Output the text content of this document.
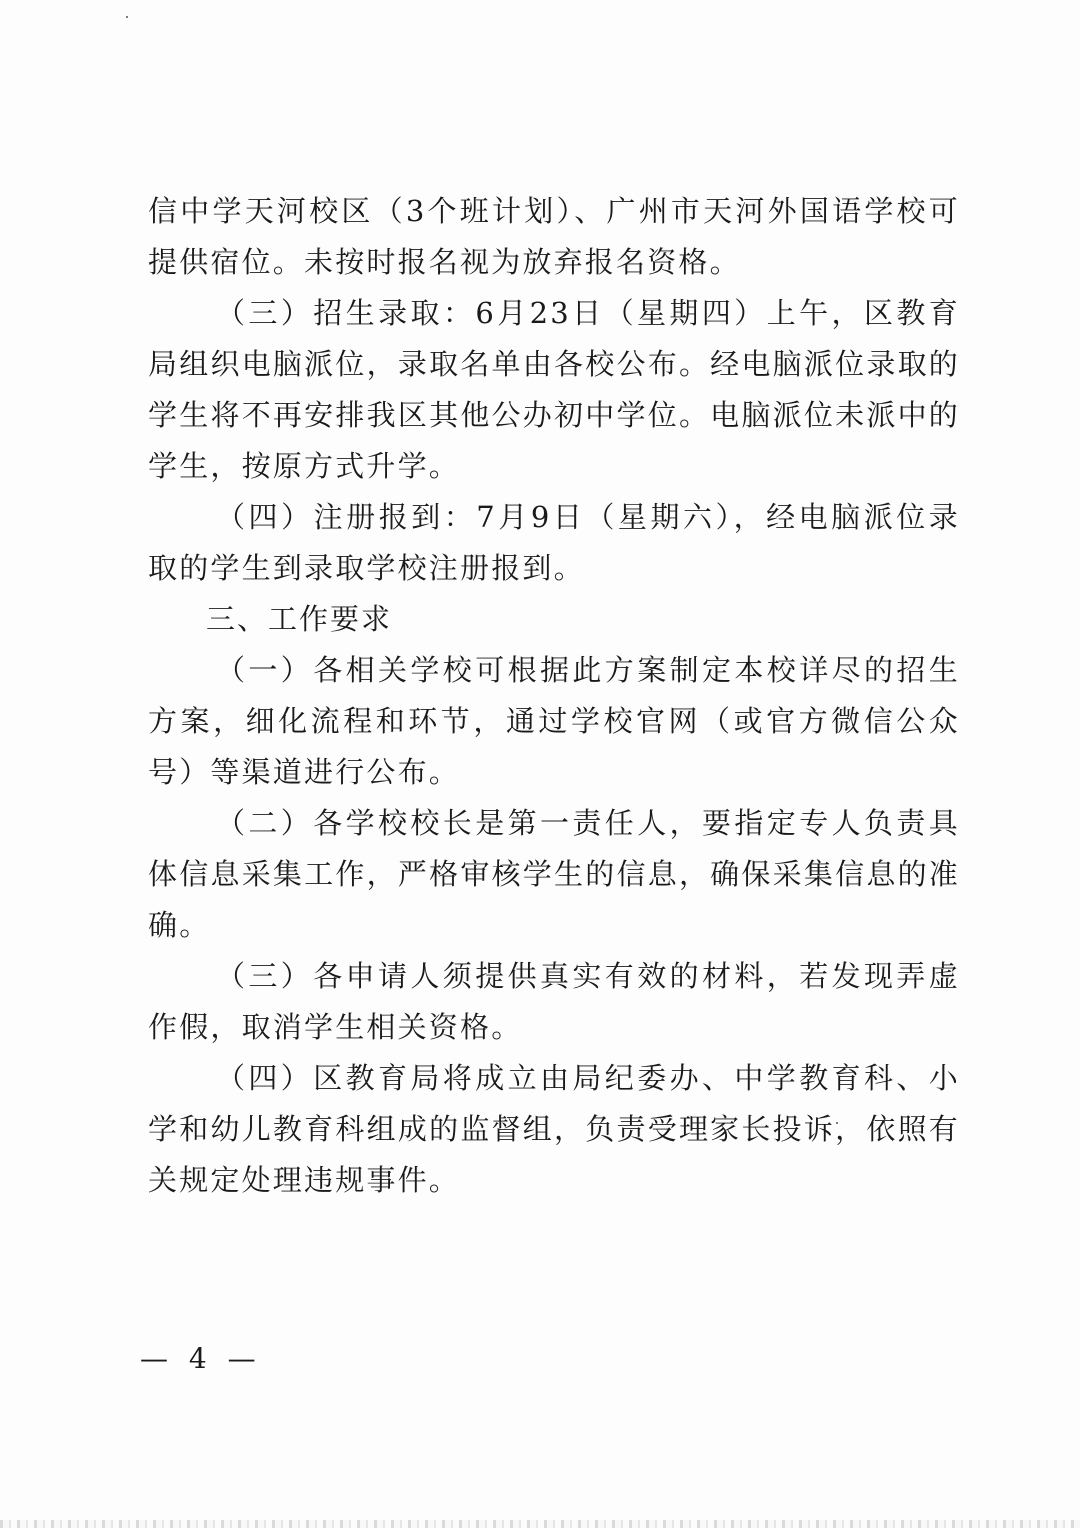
信中学天河校区（3个班计划）、广州市天河外国语学校可提供宿位。未按时报名视为放弃报名资格。

（三）招生录取：6月23日（星期四）上午，区教育局组织电脑派位，录取名单由各校公布。经电脑派位录取的学生将不再安排我区其他公办初中学位。电脑派位未派中的学生，按原方式升学。

（四）注册报到：7月9日（星期六），经电脑派位录取的学生到录取学校注册报到。

三、工作要求

（一）各相关学校可根据此方案制定本校详尽的招生方案，细化流程和环节，通过学校官网（或官方微信公众号）等渠道进行公布。

（二）各学校校长是第一责任人，要指定专人负责具体信息采集工作，严格审核学生的信息，确保采集信息的准确。

（三）各申请人须提供真实有效的材料，若发现弄虚作假，取消学生相关资格。

（四）区教育局将成立由局纪委办、中学教育科、小学和幼儿教育科组成的监督组，负责受理家长投诉，依照有关规定处理违规事件。

— 4 —
